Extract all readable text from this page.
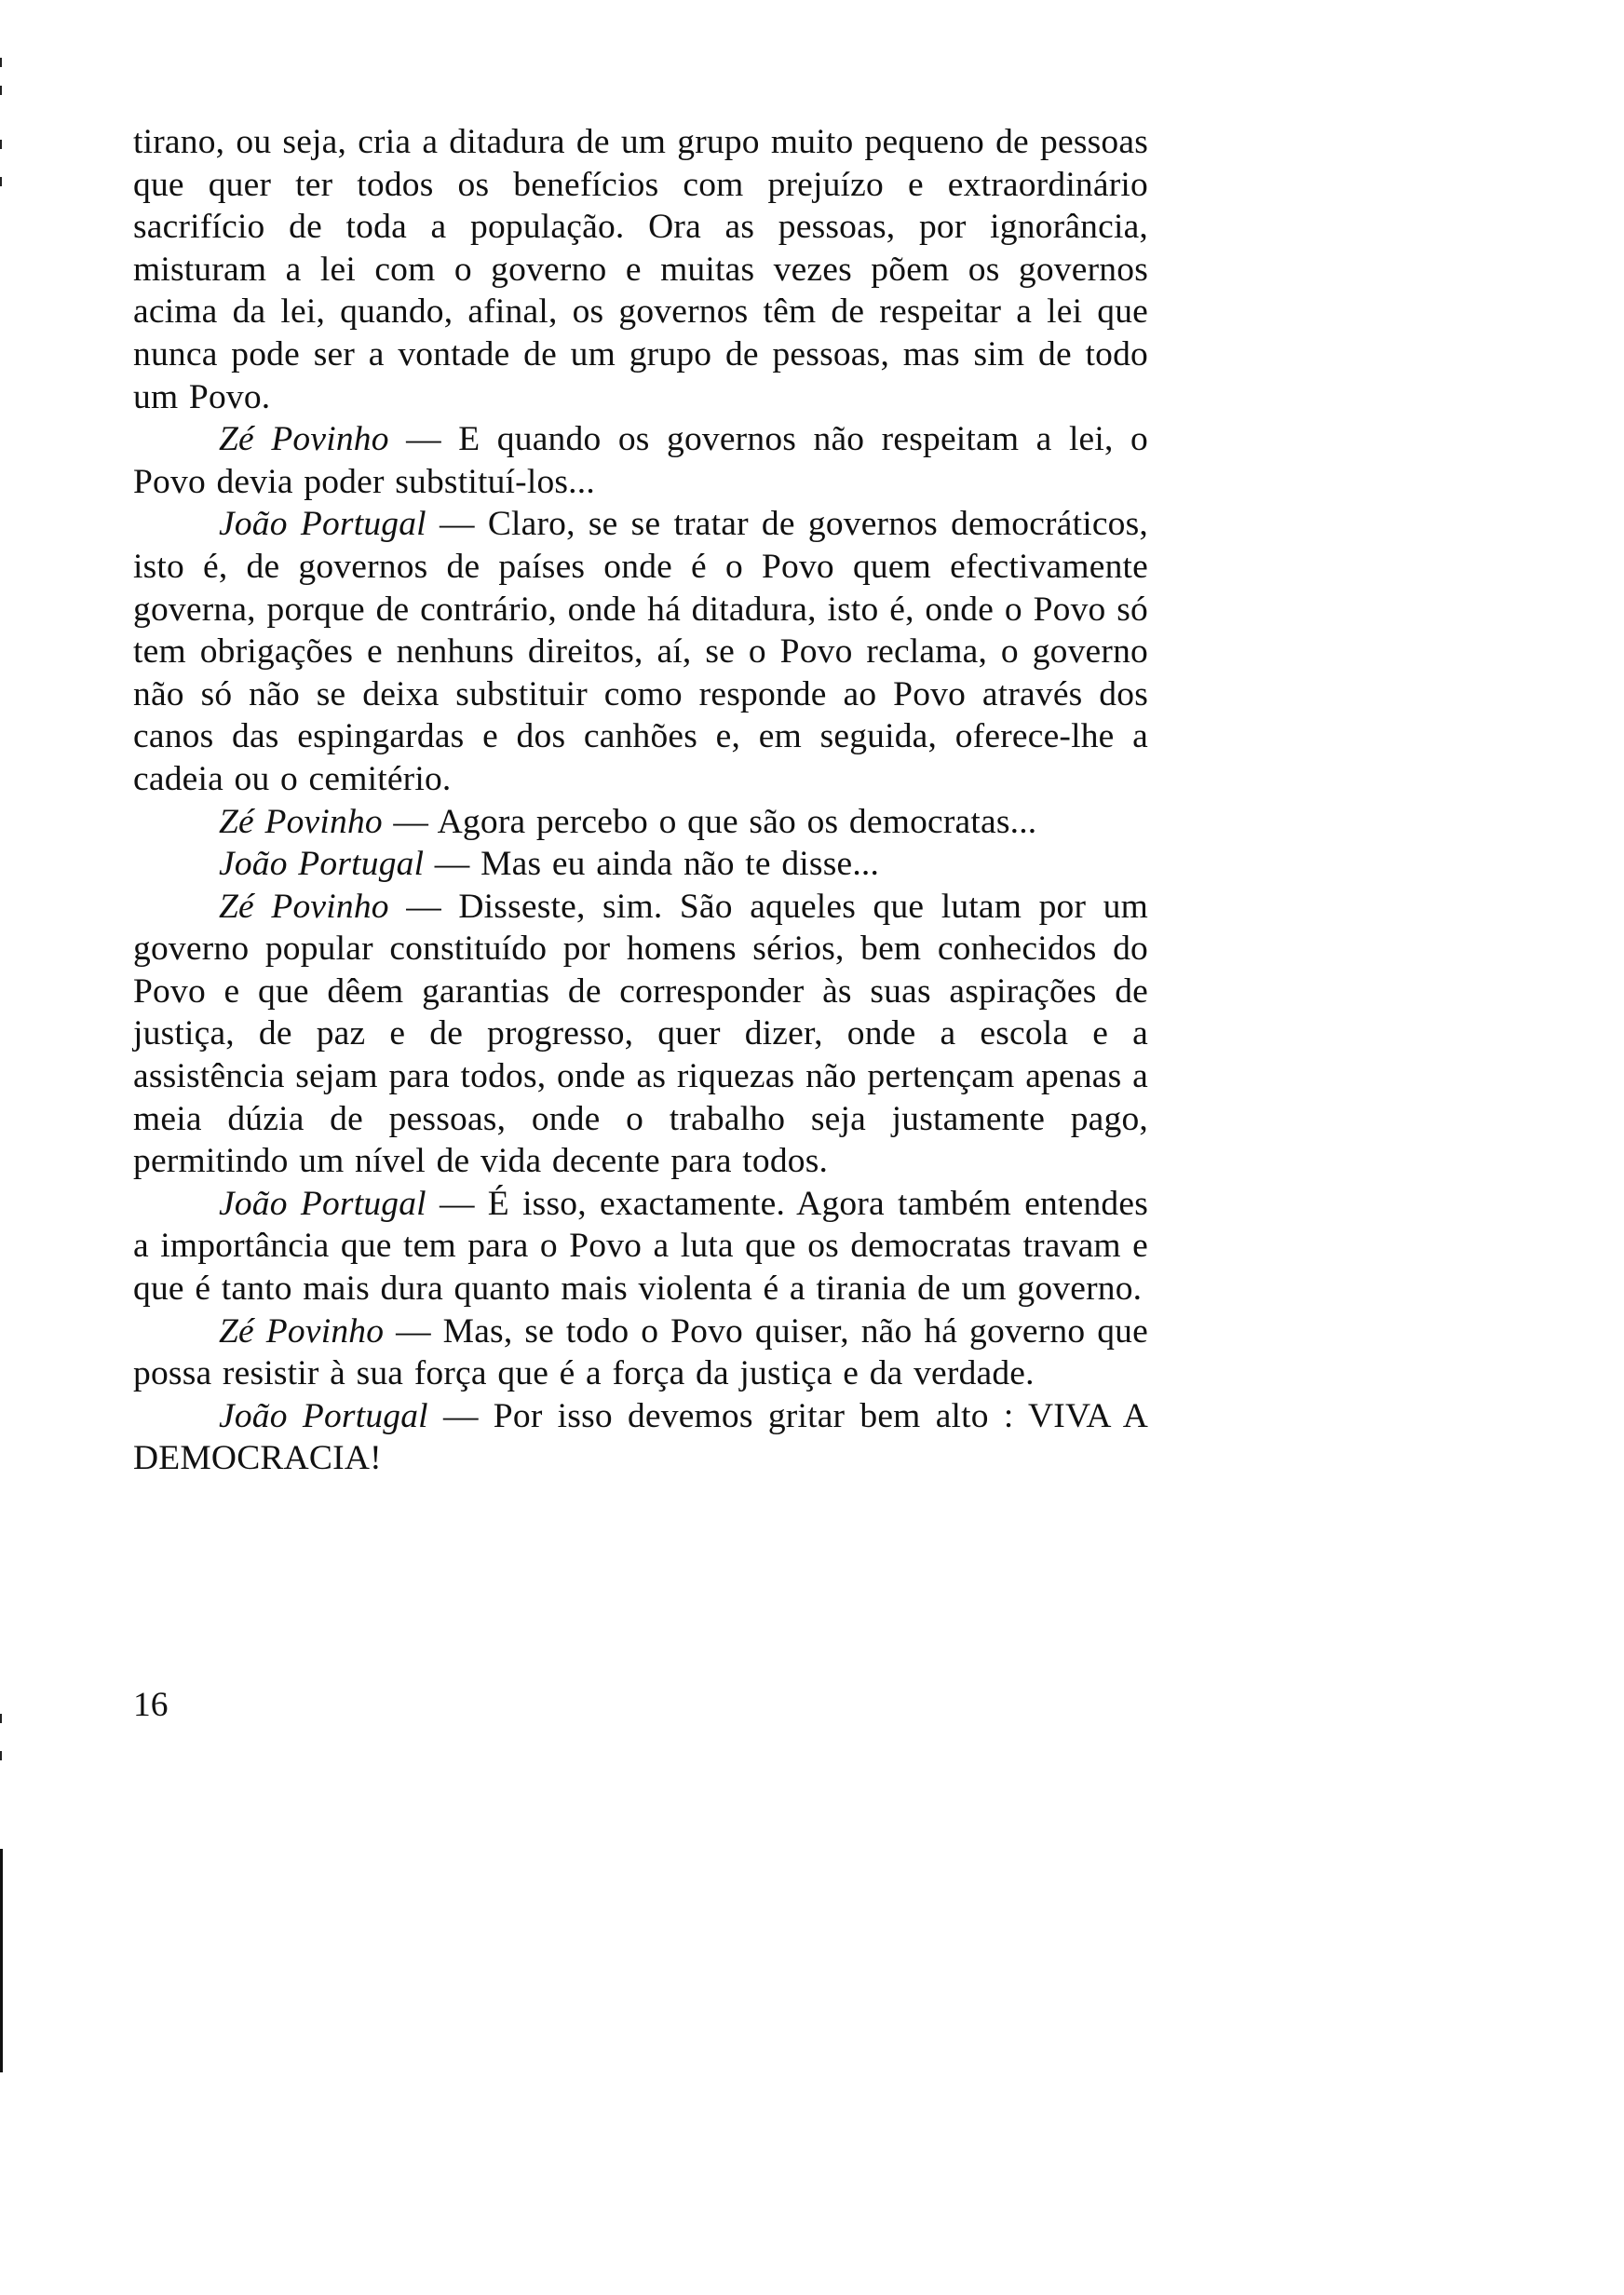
tirano, ou seja, cria a ditadura de um grupo muito pequeno de pessoas que quer ter todos os benefícios com prejuízo e extraordinário sacrifício de toda a população. Ora as pessoas, por ignorância, misturam a lei com o governo e muitas vezes põem os governos acima da lei, quando, afinal, os governos têm de respeitar a lei que nunca pode ser a vontade de um grupo de pessoas, mas sim de todo um Povo.

Zé Povinho — E quando os governos não respeitam a lei, o Povo devia poder substituí-los...

João Portugal — Claro, se se tratar de governos democráticos, isto é, de governos de países onde é o Povo quem efectivamente governa, porque de contrário, onde há ditadura, isto é, onde o Povo só tem obrigações e nenhuns direitos, aí, se o Povo reclama, o governo não só não se deixa substituir como responde ao Povo através dos canos das espingardas e dos canhões e, em seguida, oferece-lhe a cadeia ou o cemitério.

Zé Povinho — Agora percebo o que são os democratas...

João Portugal — Mas eu ainda não te disse...

Zé Povinho — Disseste, sim. São aqueles que lutam por um governo popular constituído por homens sérios, bem conhecidos do Povo e que dêem garantias de corresponder às suas aspirações de justiça, de paz e de progresso, quer dizer, onde a escola e a assistência sejam para todos, onde as riquezas não pertençam apenas a meia dúzia de pessoas, onde o trabalho seja justamente pago, permitindo um nível de vida decente para todos.

João Portugal — É isso, exactamente. Agora também entendes a importância que tem para o Povo a luta que os democratas travam e que é tanto mais dura quanto mais violenta é a tirania de um governo.

Zé Povinho — Mas, se todo o Povo quiser, não há governo que possa resistir à sua força que é a força da justiça e da verdade.

João Portugal — Por isso devemos gritar bem alto : VIVA A DEMOCRACIA!

16
